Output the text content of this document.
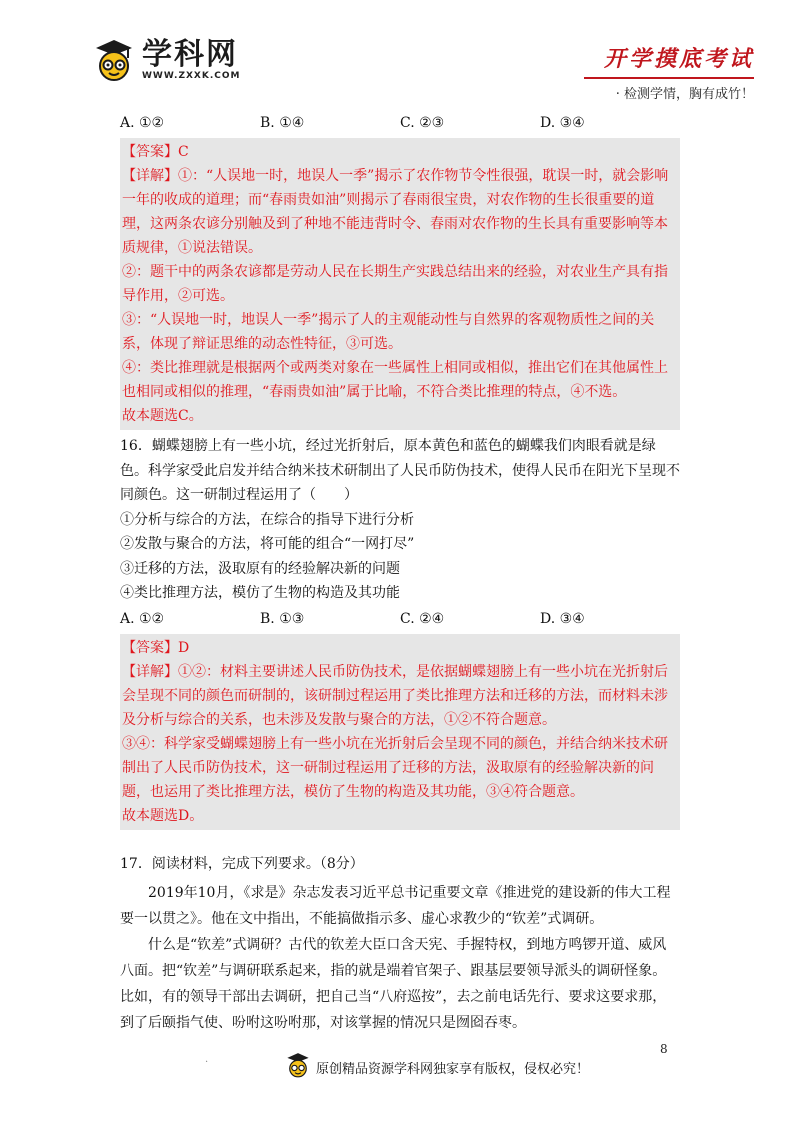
学科网
WWW.ZXXK.COM
开学摸底考试
· 检测学情，胸有成竹！
A. ①②	B. ①④	C. ②③	D. ③④

【答案】C

【详解】①：“人误地一时，地误人一季”揭示了农作物节令性很强，耽误一时，就会影响一年的收成的道理；而“春雨贵如油”则揭示了春雨很宝贵，对农作物的生长很重要的道理，这两条农谚分别触及到了种地不能违背时令、春雨对农作物的生长具有重要影响等本质规律，①说法错误。

②：题干中的两条农谚都是劳动人民在长期生产实践总结出来的经验，对农业生产具有指导作用，②可选。

③：“人误地一时，地误人一季”揭示了人的主观能动性与自然界的客观物质性之间的关系，体现了辩证思维的动态性特征，③可选。

④：类比推理就是根据两个或两类对象在一些属性上相同或相似，推出它们在其他属性上也相同或相似的推理，“春雨贵如油”属于比喻，不符合类比推理的特点，④不选。

故本题选C。

16．蝴蝶翅膀上有一些小坑，经过光折射后，原本黄色和蓝色的蝴蝶我们肉眼看就是绿色。科学家受此启发并结合纳米技术研制出了人民币防伪技术，使得人民币在阳光下呈现不同颜色。这一研制过程运用了（　　）

①分析与综合的方法，在综合的指导下进行分析

②发散与聚合的方法，将可能的组合“一网打尽”

③迁移的方法，汲取原有的经验解决新的问题

④类比推理方法，模仿了生物的构造及其功能

A. ①②	B. ①③	C. ②④	D. ③④

【答案】D

【详解】①②：材料主要讲述人民币防伪技术，是依据蝴蝶翅膀上有一些小坑在光折射后会呈现不同的颜色而研制的，该研制过程运用了类比推理方法和迁移的方法，而材料未涉及分析与综合的关系，也未涉及发散与聚合的方法，①②不符合题意。

③④：科学家受蝴蝶翅膀上有一些小坑在光折射后会呈现不同的颜色，并结合纳米技术研制出了人民币防伪技术，这一研制过程运用了迁移的方法，汲取原有的经验解决新的问题，也运用了类比推理方法，模仿了生物的构造及其功能，③④符合题意。

故本题选D。

17．阅读材料，完成下列要求。（8分）

2019年10月，《求是》杂志发表习近平总书记重要文章《推进党的建设新的伟大工程要一以贯之》。他在文中指出，不能搞做指示多、虚心求教少的“钦差”式调研。

什么是“钦差”式调研？古代的钦差大臣口含天宪、手握特权，到地方鸣锣开道、威风八面。把“钦差”与调研联系起来，指的就是端着官架子、跟基层要领导派头的调研怪象。比如，有的领导干部出去调研，把自己当“八府巡按”，去之前电话先行、要求这要求那，到了后颐指气使、吩咐这吩咐那，对该掌握的情况只是囫囵吞枣。

.
原创精品资源学科网独家享有版权，侵权必究！
8
